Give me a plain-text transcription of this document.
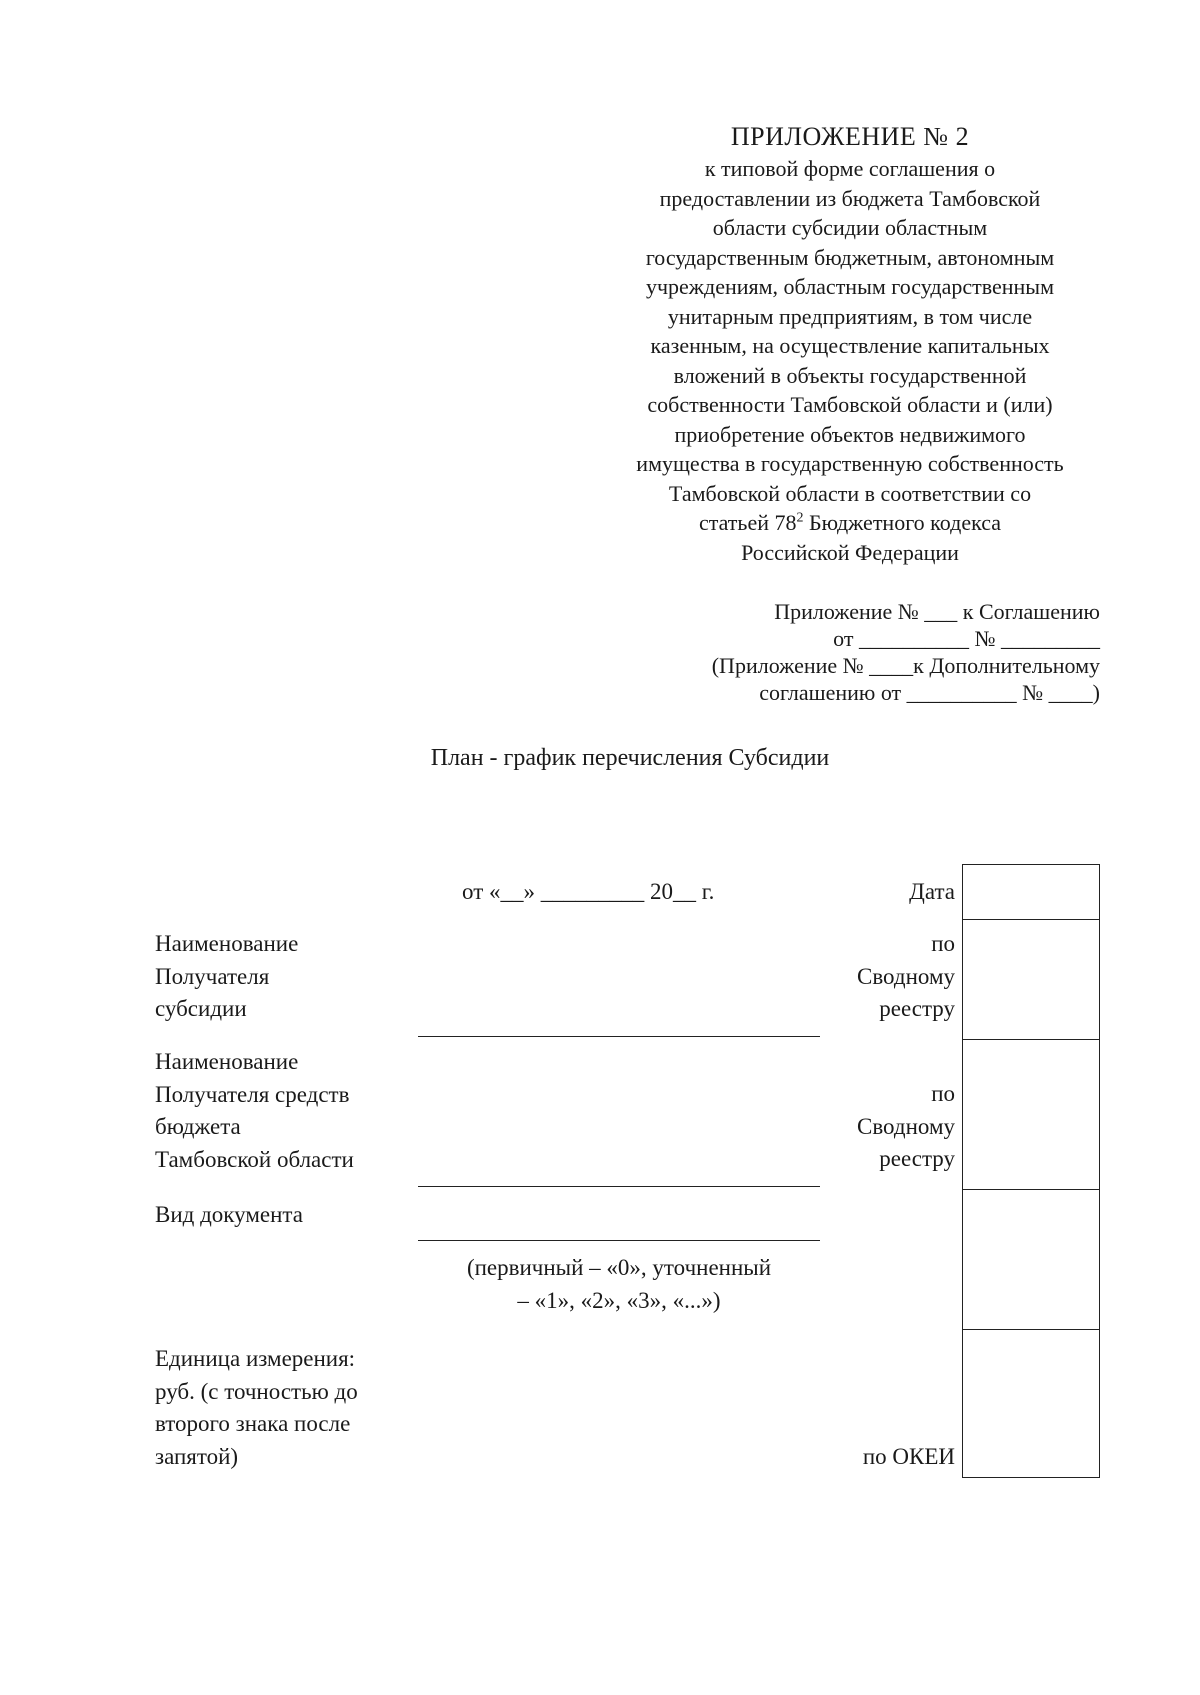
ПРИЛОЖЕНИЕ № 2
к типовой форме соглашения о
предоставлении из бюджета Тамбовской
области субсидии областным
государственным бюджетным, автономным
учреждениям, областным государственным
унитарным предприятиям, в том числе
казенным, на осуществление капитальных
вложений в объекты государственной
собственности Тамбовской области и (или)
приобретение объектов недвижимого
имущества в государственную собственность
Тамбовской области в соответствии со
статьей $78^2$ Бюджетного кодекса
Российской Федерации
Приложение № ___ к Соглашению
от __________ № _________
(Приложение № ____к Дополнительному
соглашению от __________ № ____)
План - график перечисления Субсидии
от «__» _________ 20__ г.	Дата
Наименование
Получателя
субсидии
по
Сводному
реестру
Наименование
Получателя средств
бюджета
Тамбовской области
по
Сводному
реестру
Вид документа
(первичный – «0», уточненный
– «1», «2», «3», «...»)
Единица измерения:
руб. (с точностью до
второго знака после
запятой)	по ОКЕИ
